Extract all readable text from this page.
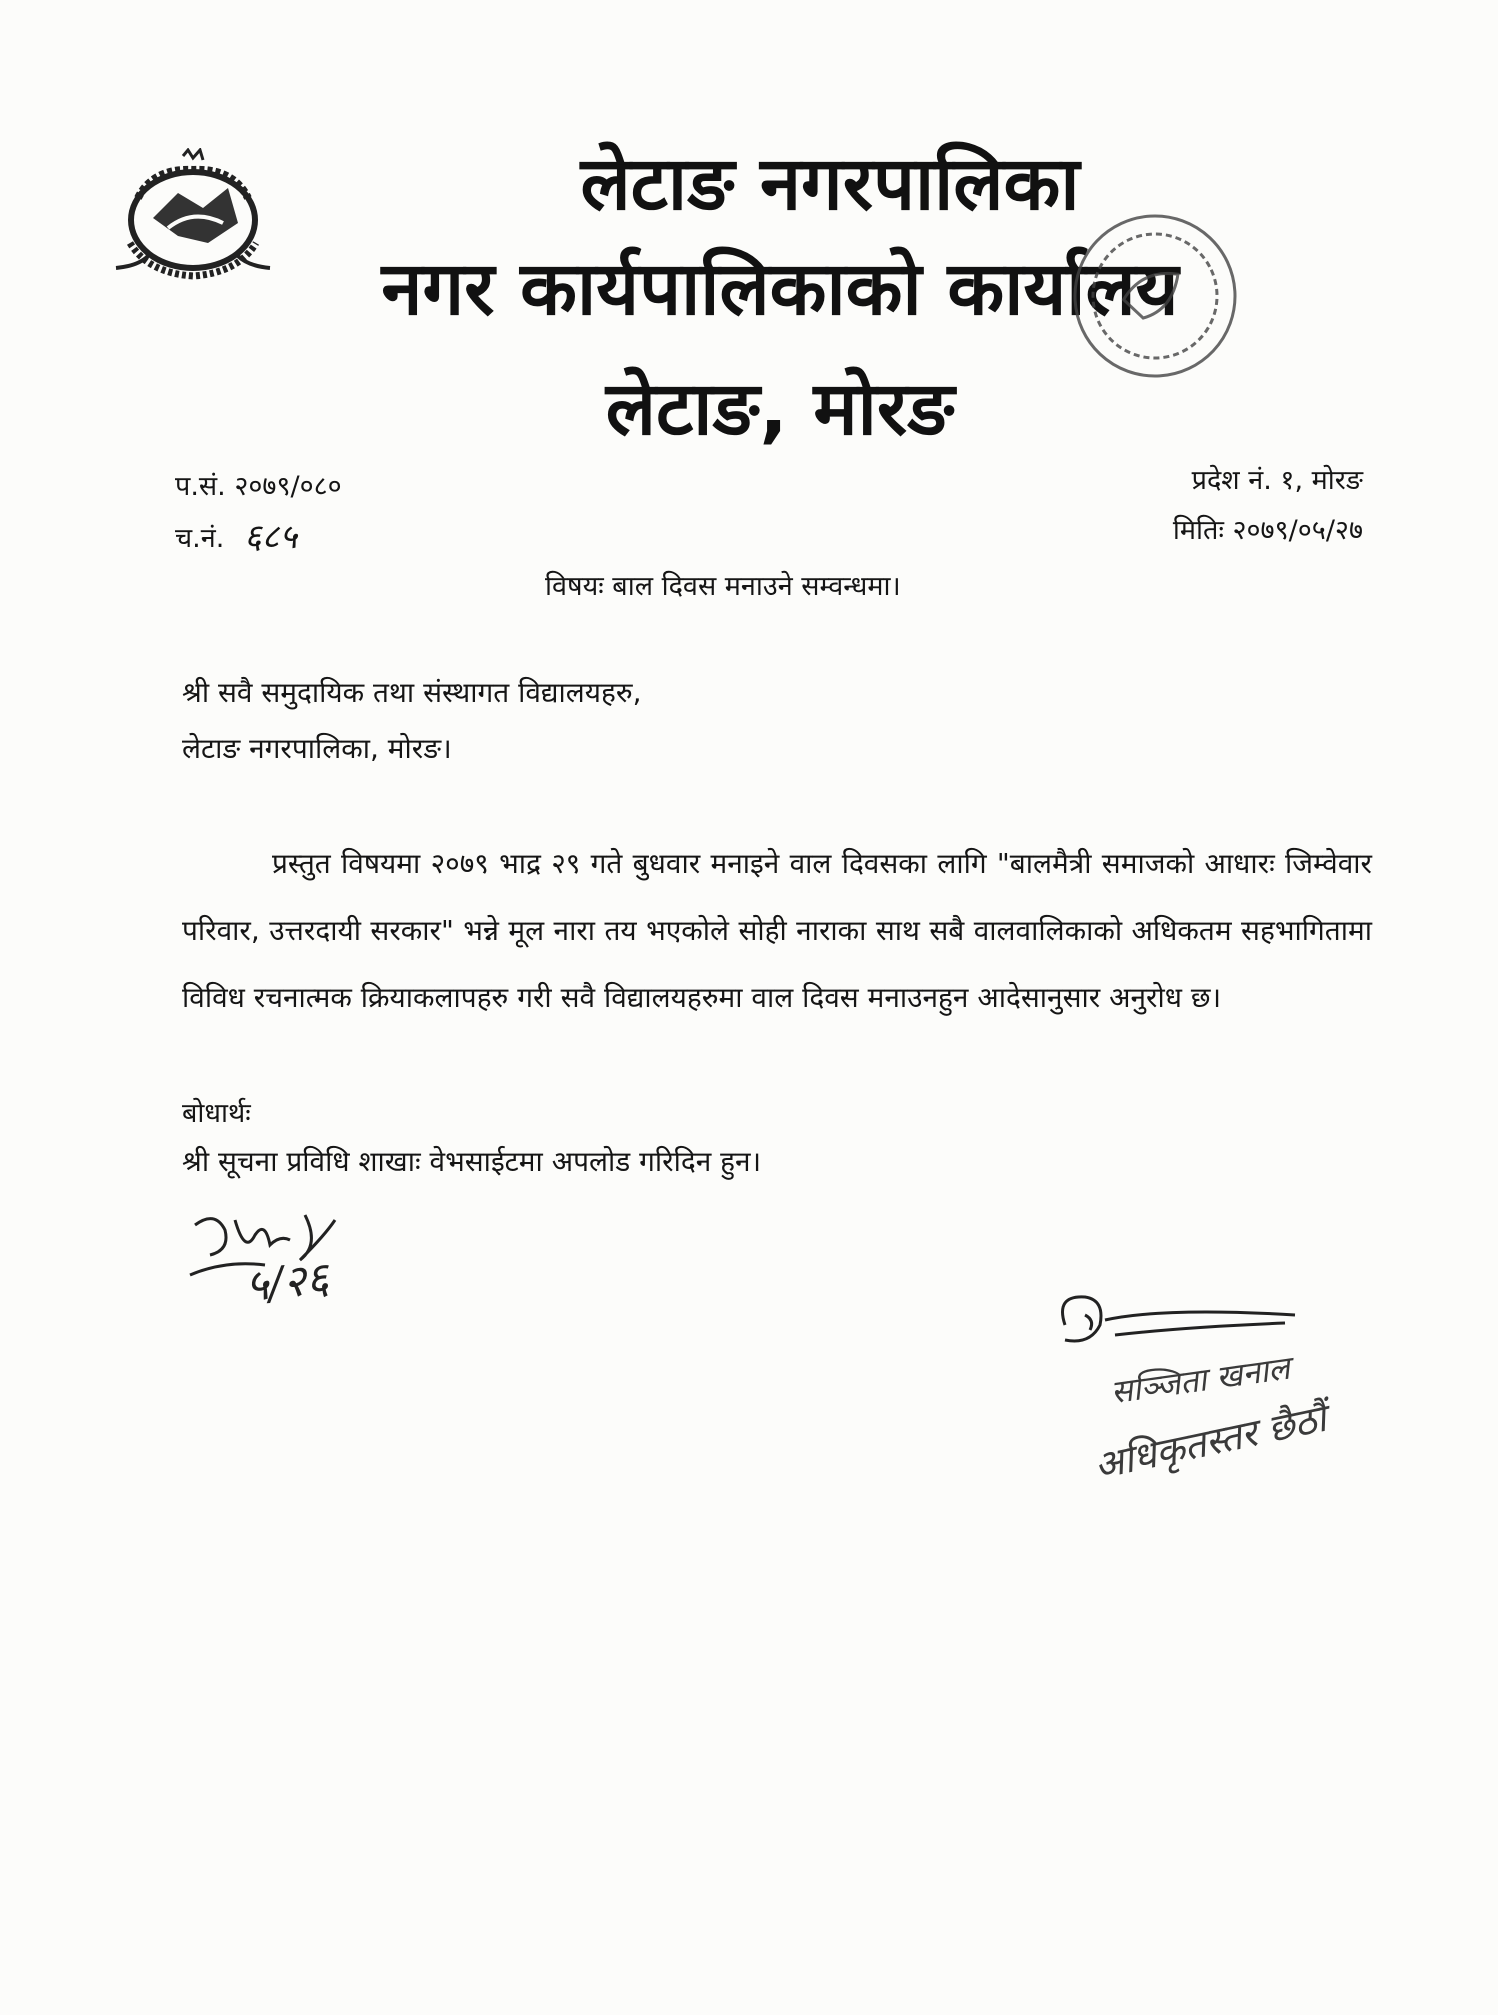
लेटाङ नगरपालिका
नगर कार्यपालिकाको कार्यालय
लेटाङ, मोरङ
प.सं. २०७९/०८०
च.नं. ६८५
प्रदेश नं. १, मोरङ
मितिः २०७९/०५/२७
विषयः बाल दिवस मनाउने सम्वन्धमा।
श्री सवै समुदायिक तथा संस्थागत विद्यालयहरु,
लेटाङ नगरपालिका, मोरङ।
प्रस्तुत विषयमा २०७९ भाद्र २९ गते बुधवार मनाइने वाल दिवसका लागि "बालमैत्री समाजको आधारः जिम्वेवार परिवार, उत्तरदायी सरकार" भन्ने मूल नारा तय भएकोले सोही नाराका साथ सबै वालवालिकाको अधिकतम सहभागितामा विविध रचनात्मक क्रियाकलापहरु गरी सवै विद्यालयहरुमा वाल दिवस मनाउनहुन आदेसानुसार अनुरोध छ।
बोधार्थः
श्री सूचना प्रविधि शाखाः वेभसाईटमा अपलोड गरिदिन हुन।
५/२६
सञ्जिता खनाल
अधिकृतस्तर छैठौं
